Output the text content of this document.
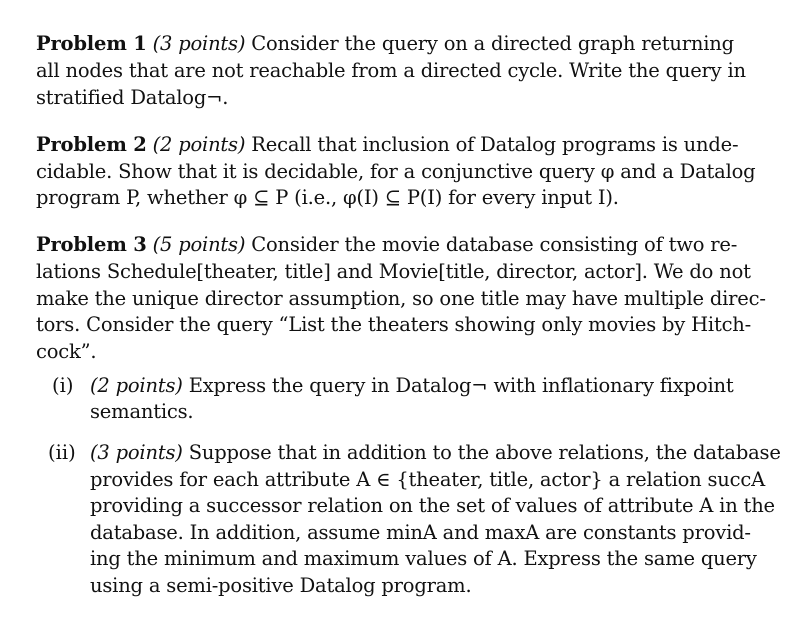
Problem 1 (3 points) Consider the query on a directed graph returning
all nodes that are not reachable from a directed cycle. Write the query in
stratified Datalog¬.
Problem 2 (2 points) Recall that inclusion of Datalog programs is unde-
cidable. Show that it is decidable, for a conjunctive query φ and a Datalog
program P, whether φ ⊆ P (i.e., φ(I) ⊆ P(I) for every input I).
Problem 3 (5 points) Consider the movie database consisting of two re-
lations Schedule[theater, title] and Movie[title, director, actor]. We do not
make the unique director assumption, so one title may have multiple direc-
tors. Consider the query “List the theaters showing only movies by Hitch-
cock”.
(i) (2 points) Express the query in Datalog¬ with inflationary fixpoint
semantics.
(ii) (3 points) Suppose that in addition to the above relations, the database
provides for each attribute A ∈ {theater, title, actor} a relation succA
providing a successor relation on the set of values of attribute A in the
database. In addition, assume minA and maxA are constants provid-
ing the minimum and maximum values of A. Express the same query
using a semi-positive Datalog program.
